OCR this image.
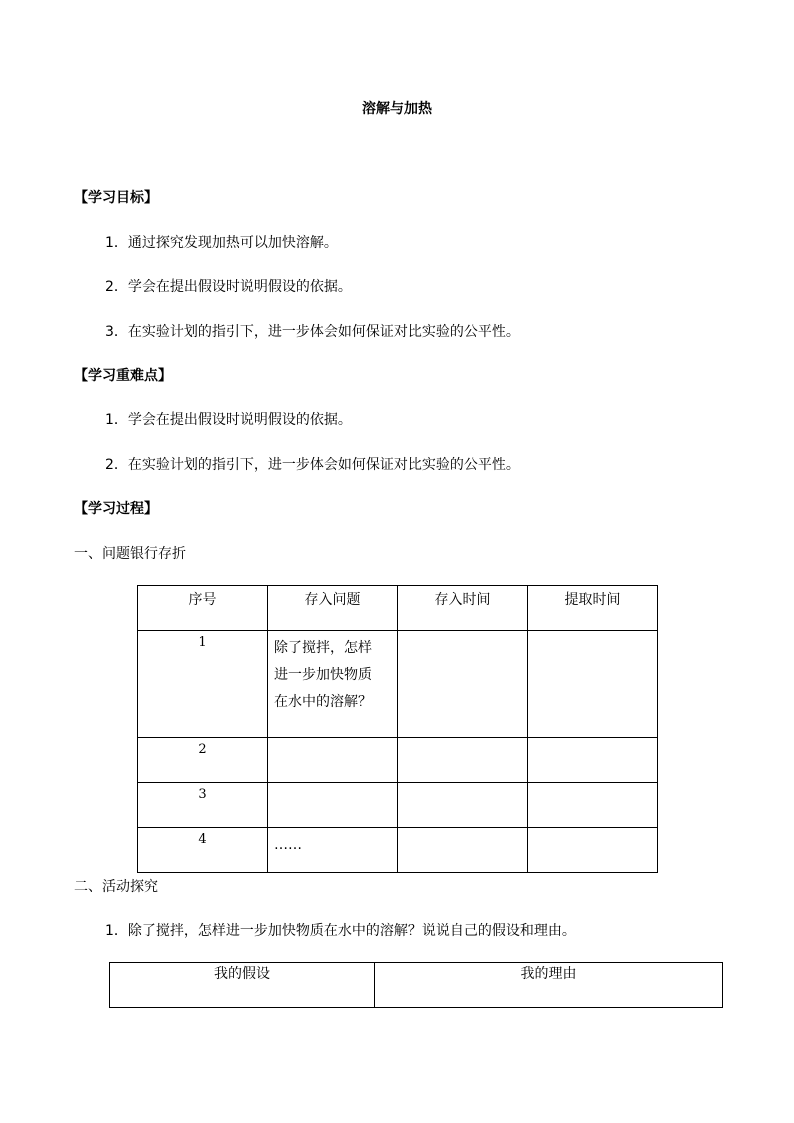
溶解与加热
【学习目标】
1．通过探究发现加热可以加快溶解。
2．学会在提出假设时说明假设的依据。
3．在实验计划的指引下，进一步体会如何保证对比实验的公平性。
【学习重难点】
1．学会在提出假设时说明假设的依据。
2．在实验计划的指引下，进一步体会如何保证对比实验的公平性。
【学习过程】
一、问题银行存折
序号	存入问题	存入时间	提取时间
1	除了搅拌，怎样
进一步加快物质
在水中的溶解？		

2			
3			
4	……		
二、活动探究
1．除了搅拌，怎样进一步加快物质在水中的溶解？说说自己的假设和理由。
我的假设	我的理由
